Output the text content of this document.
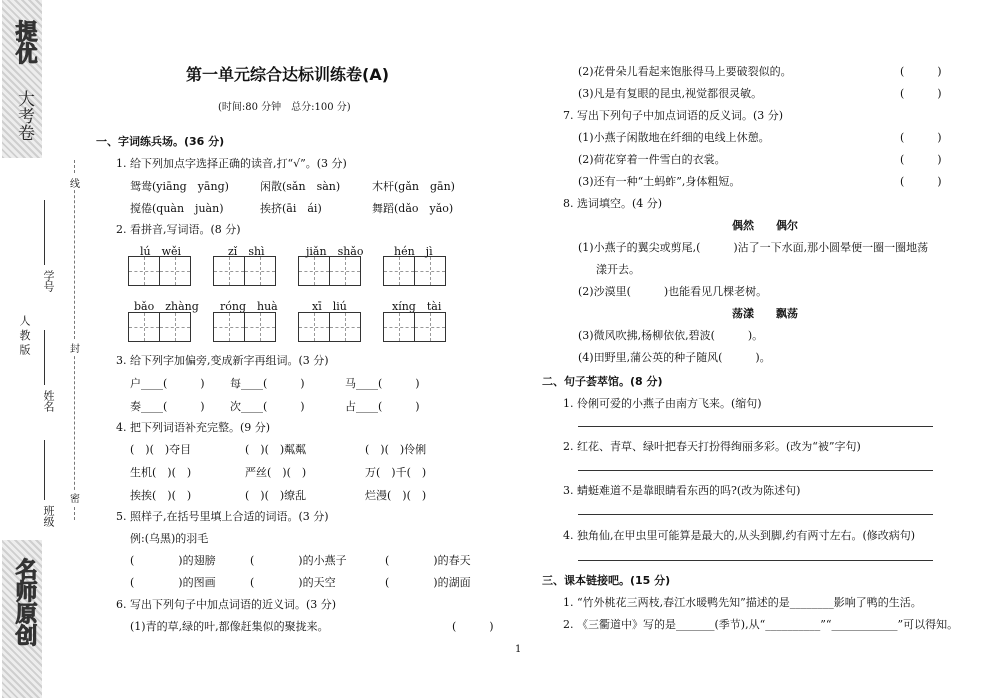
提优
大考卷
名师原创
人 教 版
班级
姓名
学号
线
封
密
第一单元综合达标训练卷(A)
(时间:80 分钟　总分:100 分)
一、字词练兵场。(36 分)
1. 给下列加点字选择正确的读音,打“√”。(3 分)
鸳鸯(yiāng　yāng)	闲散(sǎn　sàn)	木杆(gǎn　gān)
搅倦(quàn　juàn)	挨挤(āi　ái)	舞蹈(dǎo　yǎo)
2. 看拼音,写词语。(8 分)
lú　wěi	zǐ　shì	jiǎn　shǎo	hén　jì
bǎo　zhàng róng　huà	xī　liú	xíng　tài
3. 给下列字加偏旁,变成新字再组词。(3 分)
户____(　　　) 每____(　　　)	马____(　　　)
奏____(　　　) 次____(　　　)	占____(　　　)
4. 把下列词语补充完整。(9 分)
(　)(　)夺目	(　)(　)粼粼	(　)(　)伶俐
生机(　)(　)	严丝(　)(　)	万(　)千(　)
挨挨(　)(　)	(　)(　)缭乱	烂漫(　)(　)
5. 照样子,在括号里填上合适的词语。(3 分)
例:(乌黑)的羽毛
(　　　　)的翅膀	(　　　　)的小燕子	(　　　　)的春天
(　　　　)的图画	(　　　　)的天空	(　　　　)的湖面
6. 写出下列句子中加点词语的近义词。(3 分)
(1)青的草,绿的叶,都像赶集似的聚拢来。	(　　　)
(2)花骨朵儿看起来饱胀得马上要破裂似的。	(　　　)
(3)凡是有复眼的昆虫,视觉都很灵敏。	(　　　)
7. 写出下列句子中加点词语的反义词。(3 分)
(1)小燕子闲散地在纤细的电线上休憩。	(　　　)
(2)荷花穿着一件雪白的衣裳。	(　　　)
(3)还有一种“土蚂蚱”,身体粗短。	(　　　)
8. 选词填空。(4 分)
偶然　　偶尔
(1)小燕子的翼尖或剪尾,(　　　)沾了一下水面,那小圆晕便一圈一圈地荡
漾开去。
(2)沙漠里(　　　)也能看见几棵老树。
荡漾　　飘荡
(3)微风吹拂,杨柳依依,碧波(　　　)。
(4)田野里,蒲公英的种子随风(　　　)。
二、句子荟萃馆。(8 分)
1. 伶俐可爱的小燕子由南方飞来。(缩句)
2. 红花、青草、绿叶把春天打扮得绚丽多彩。(改为“被”字句)
3. 蜻蜓难道不是靠眼睛看东西的吗?(改为陈述句)
4. 独角仙,在甲虫里可能算是最大的,从头到脚,约有两寸左右。(修改病句)
三、课本链接吧。(15 分)
1. “竹外桃花三两枝,春江水暖鸭先知”描述的是________影响了鸭的生活。
2. 《三衢道中》写的是_______(季节),从“__________”“____________”可以得知。
1
